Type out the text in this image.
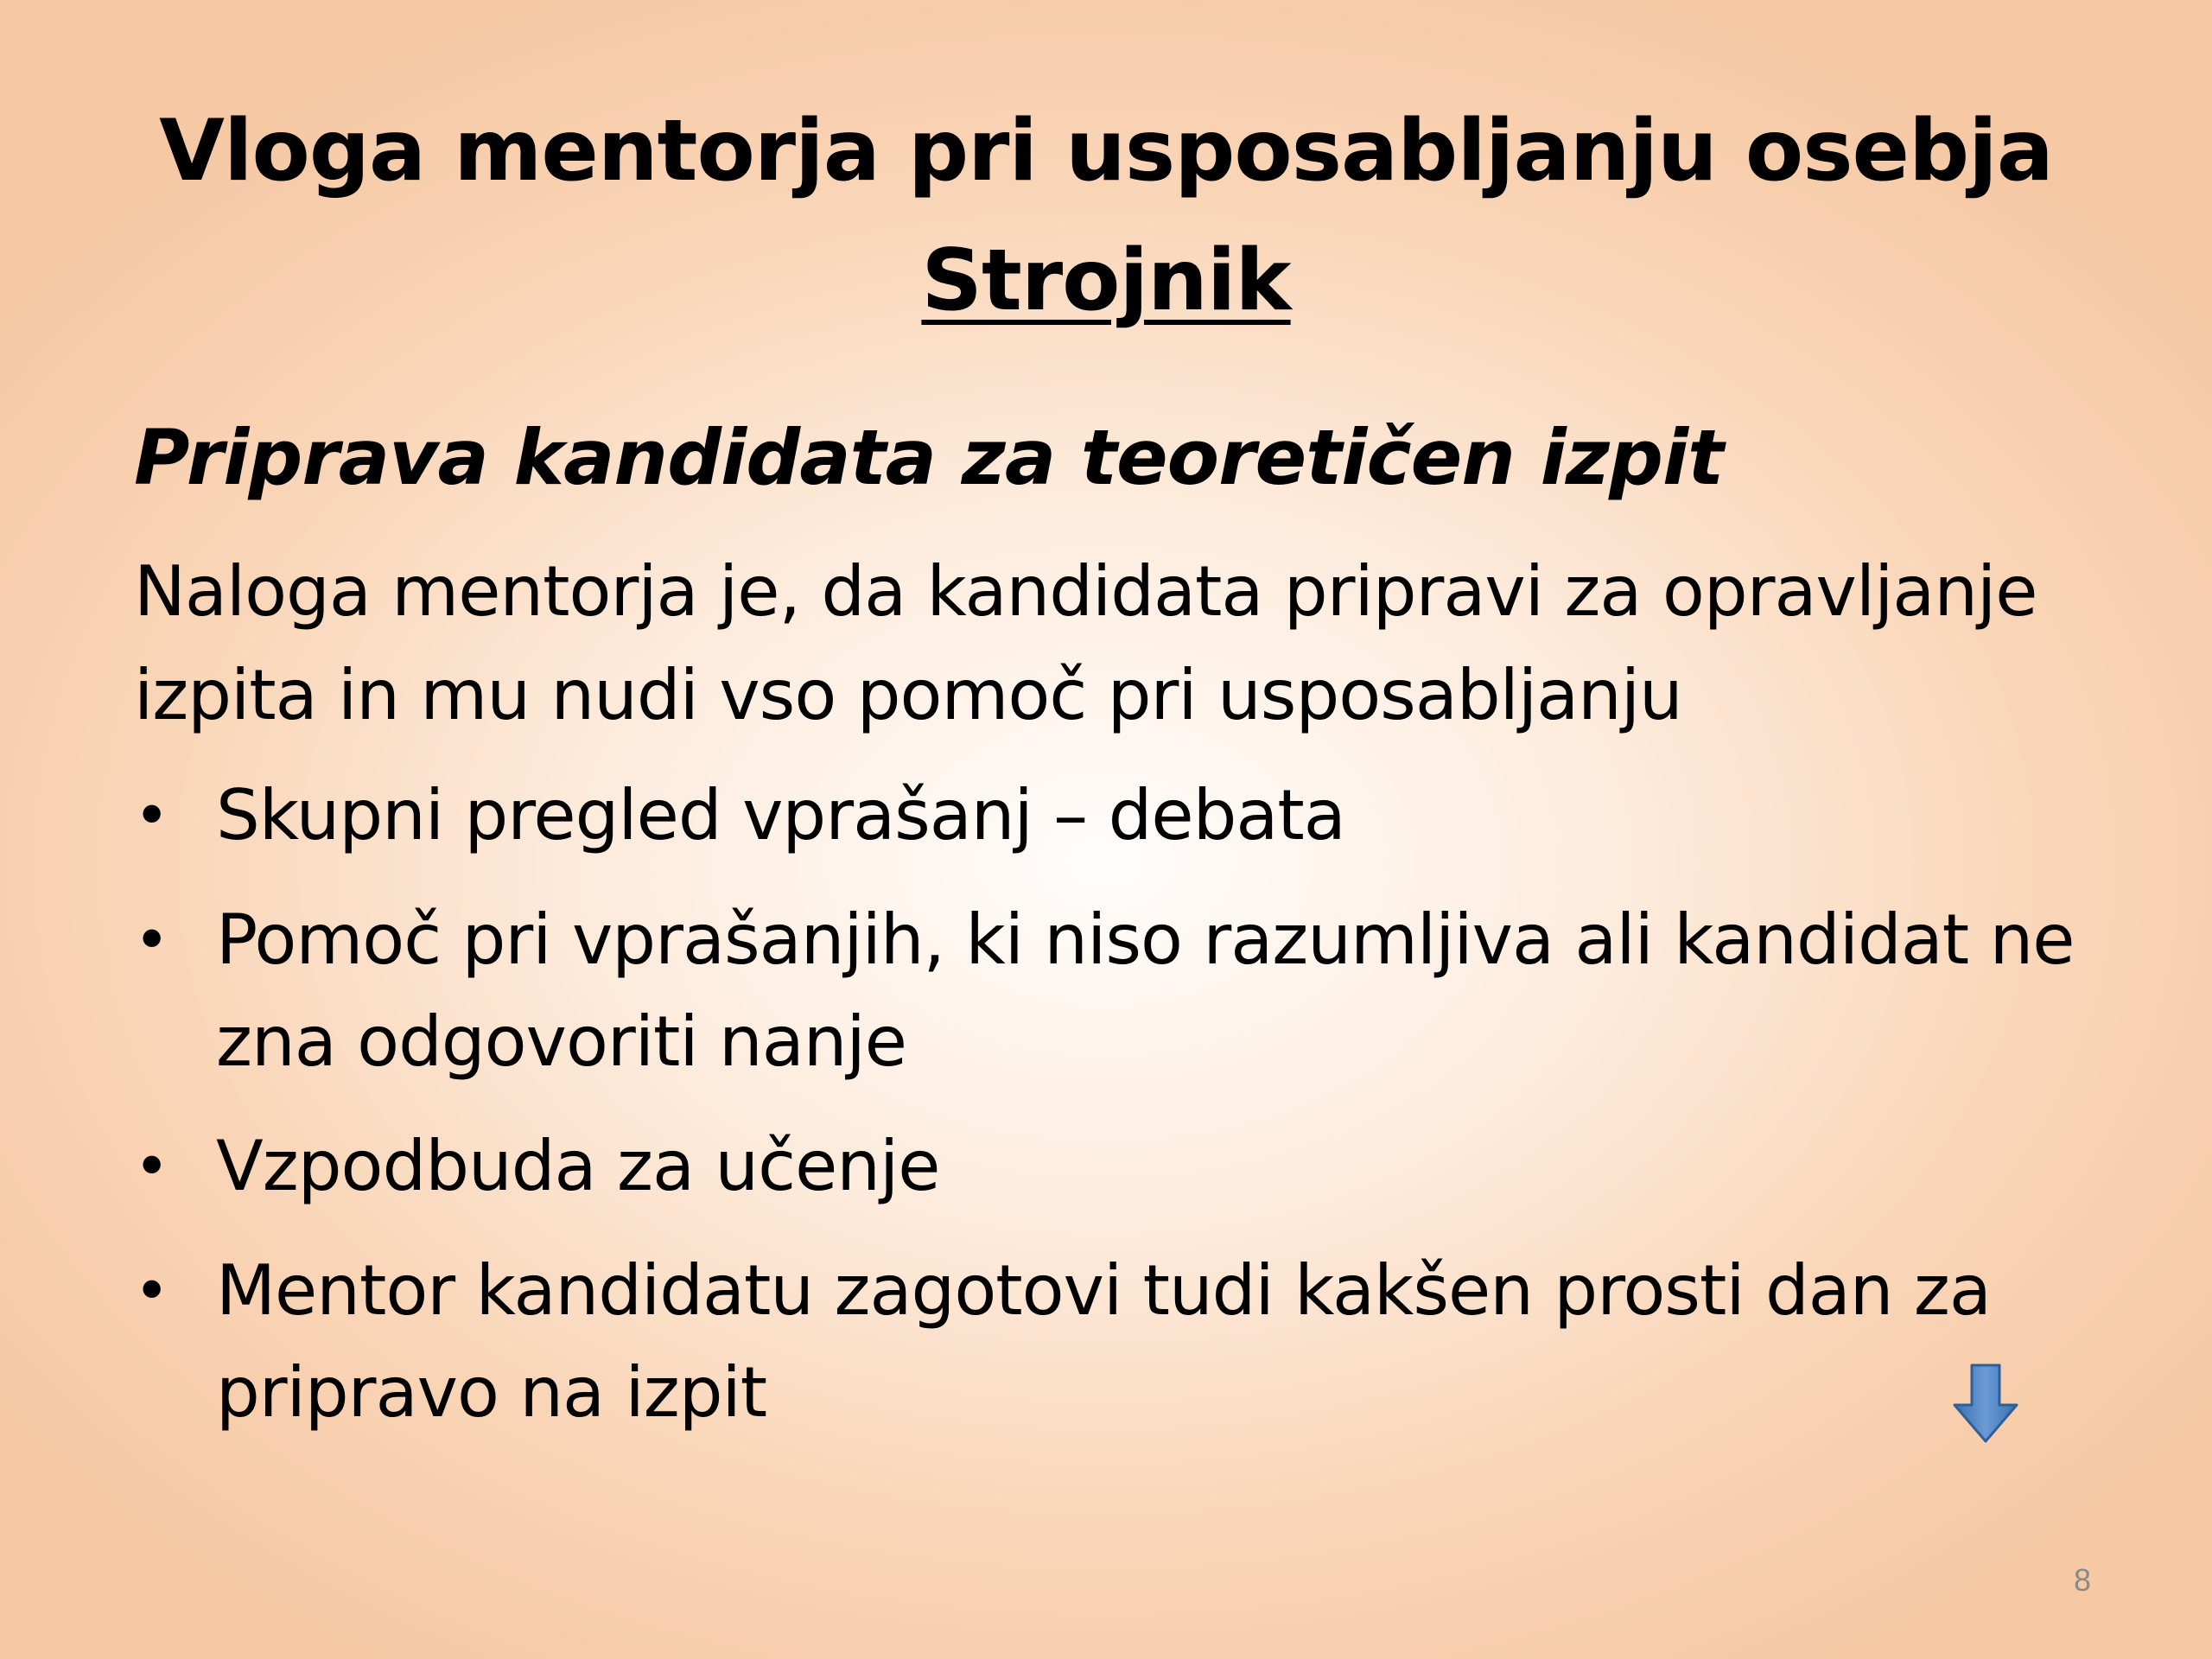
Vloga mentorja pri usposabljanju osebja
Strojnik
Priprava kandidata za teoretičen izpit
Naloga mentorja je, da kandidata pripravi za opravljanje izpita in mu nudi vso pomoč pri usposabljanju
• Skupni pregled vprašanj – debata
• Pomoč pri vprašanjih, ki niso razumljiva ali kandidat ne zna odgovoriti nanje
• Vzpodbuda za učenje
• Mentor kandidatu zagotovi tudi kakšen prosti dan za pripravo na izpit
8
